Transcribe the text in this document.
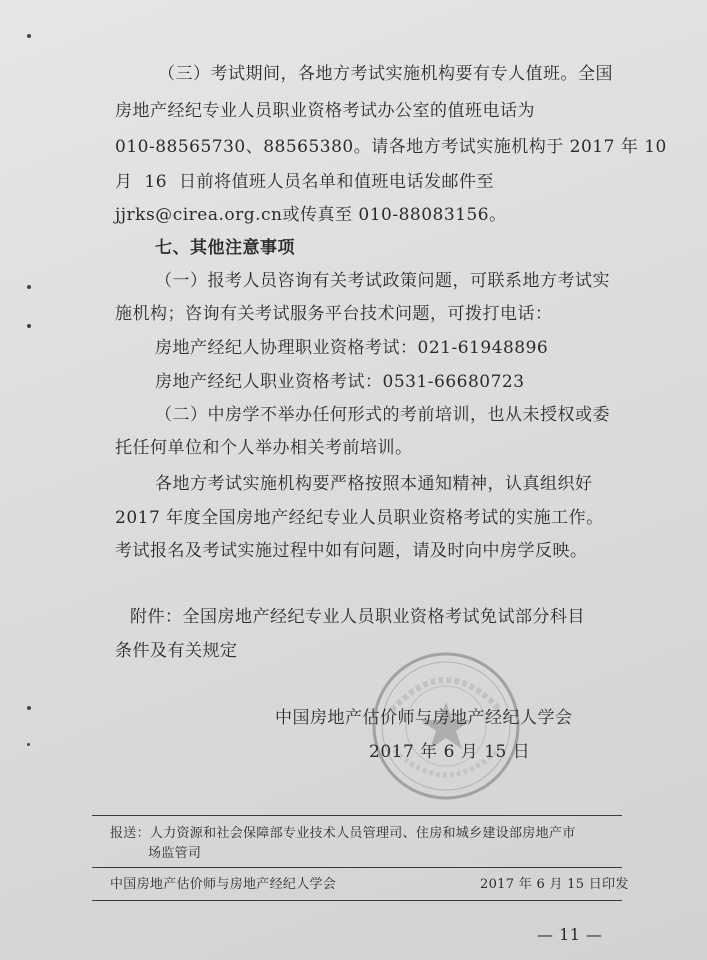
（三）考试期间，各地方考试实施机构要有专人值班。全国
房地产经纪专业人员职业资格考试办公室的值班电话为
010-88565730、88565380。请各地方考试实施机构于 2017 年 10
月 16 日前将值班人员名单和值班电话发邮件至
jjrks@cirea.org.cn或传真至 010-88083156。
七、其他注意事项
（一）报考人员咨询有关考试政策问题，可联系地方考试实
施机构；咨询有关考试服务平台技术问题，可拨打电话：
房地产经纪人协理职业资格考试：021-61948896
房地产经纪人职业资格考试：0531-66680723
（二）中房学不举办任何形式的考前培训，也从未授权或委
托任何单位和个人举办相关考前培训。
各地方考试实施机构要严格按照本通知精神，认真组织好
2017 年度全国房地产经纪专业人员职业资格考试的实施工作。
考试报名及考试实施过程中如有问题，请及时向中房学反映。
附件：全国房地产经纪专业人员职业资格考试免试部分科目
条件及有关规定
中国房地产估价师与房地产经纪人学会
2017 年 6 月 15 日
报送：人力资源和社会保障部专业技术人员管理司、住房和城乡建设部房地产市
场监管司
中国房地产估价师与房地产经纪人学会	2017 年 6 月 15 日印发
— 11 —
